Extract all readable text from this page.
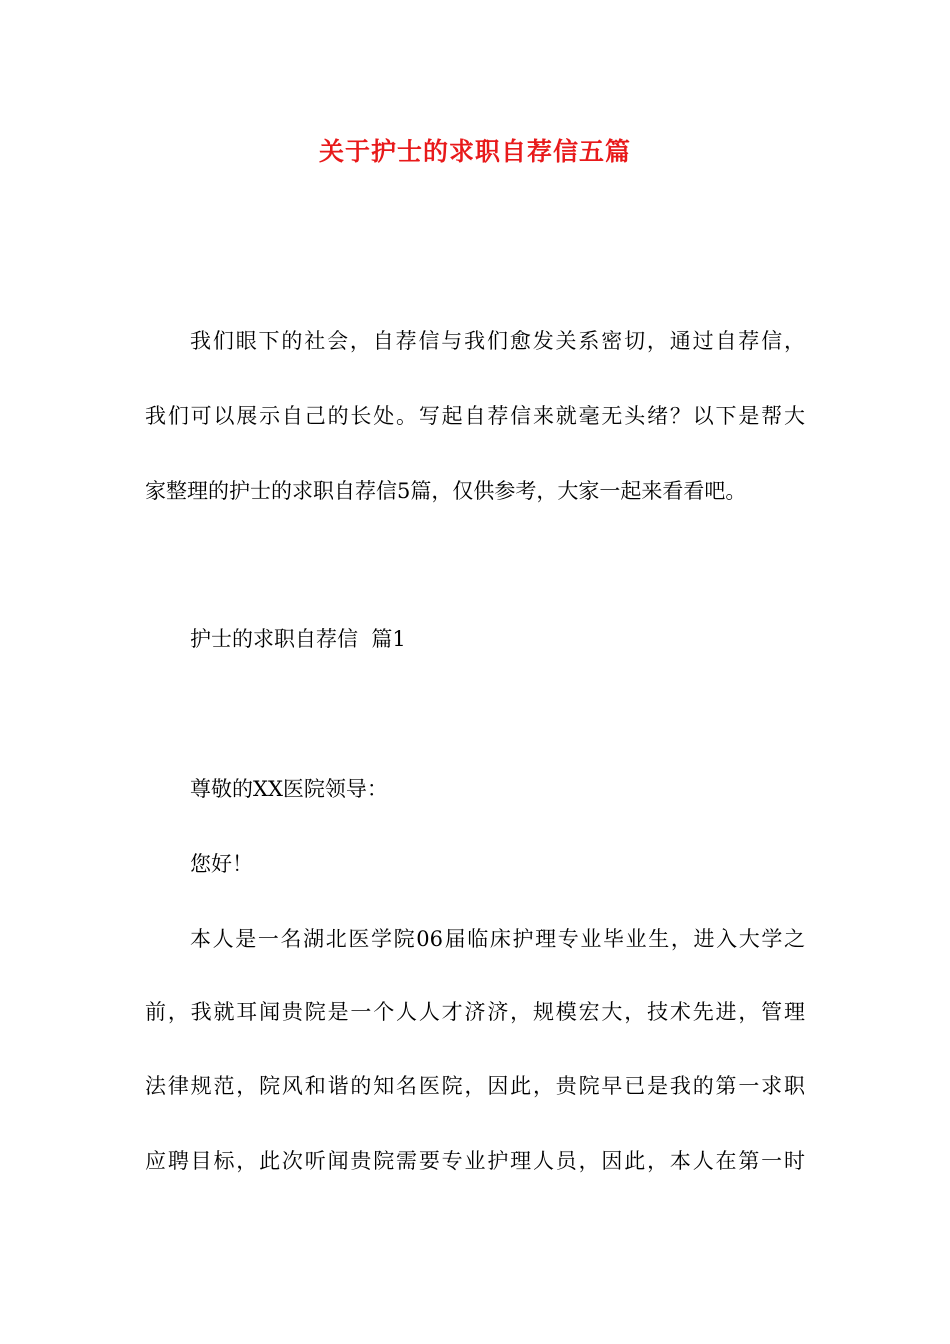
关于护士的求职自荐信五篇
我们眼下的社会，自荐信与我们愈发关系密切，通过自荐信，
我们可以展示自己的长处。写起自荐信来就毫无头绪？以下是帮大
家整理的护士的求职自荐信5篇，仅供参考，大家一起来看看吧。
护士的求职自荐信  篇1
尊敬的XX医院领导：
您好！
本人是一名湖北医学院06届临床护理专业毕业生，进入大学之
前，我就耳闻贵院是一个人人才济济，规模宏大，技术先进，管理
法律规范，院风和谐的知名医院，因此，贵院早已是我的第一求职
应聘目标，此次听闻贵院需要专业护理人员，因此，本人在第一时
